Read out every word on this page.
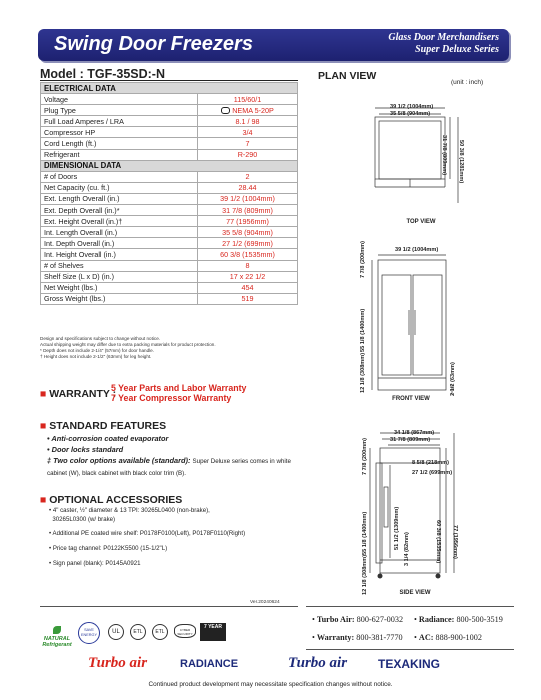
Swing Door Freezers	Glass Door Merchandisers
Super Deluxe Series
Model : TGF-35SD:-N
ELECTRICAL DATA	
Voltage	115/60/1
Plug Type	NEMA 5-20P
Full Load Amperes / LRA	8.1 / 98
Compressor HP	3/4
Cord Length (ft.)	7
Refrigerant	R-290
DIMENSIONAL DATA	
# of Doors	2
Net Capacity (cu. ft.)	28.44
Ext. Length Overall (in.)	39 1/2 (1004mm)
Ext. Depth Overall (in.)*	31 7/8 (809mm)
Ext. Height Overall (in.)†	77 (1956mm)
Int. Length Overall (in.)	35 5/8 (904mm)
Int. Depth Overall (in.)	27 1/2 (699mm)
Int. Height Overall (in.)	60 3/8 (1535mm)
# of Shelves	8
Shelf Size (L x D) (in.)	17 x 22 1/2
Net Weight (lbs.)	454
Gross Weight (lbs.)	519
Design and specifications subject to change without notice.
Actual shipping weight may differ due to extra packing materials for product protection.
* Depth does not include 2-1/4" (57mm) for door handle.
† Height does not include 2-1/2" (63mm) for leg height.
■ WARRANTY :
5 Year Parts and Labor Warranty
7 Year Compressor Warranty
■ STANDARD FEATURES
• Anti-corrosion coated evaporator
• Door locks standard
‡ Two color options available (standard): Super Deluxe series comes in white cabinet (W), black cabinet with black color trim (B).
■ OPTIONAL ACCESSORIES
• 4" caster, ½" diameter & 13 TPI: 30265L0400 (non-brake),
30265L0300 (w/ brake)
• Additional PE coated wire shelf: P0178F0100(Left), P0178F0110(Right)
• Price tag channel: P0122K5500 (15-1/2"L)
• Sign panel (blank): P0145A0921
Ver.20240624

NATURAL Refrigerant
SAVE ENERGY	UL	ETL	ETL	CYBER SECURITY
7 YEAR
• Turbo Air: 800-627-0032 • Radiance: 800-500-3519
• Warranty: 800-381-7770 • AC: 888-900-1002
Turbo air	RADIANCE	Turbo air	TEXAKING
Continued product development may necessitate specification changes without notice.
PLAN VIEW
(unit : inch)
39 1/2 (1004mm)
35 5/8 (904mm)
31 7/8 (809mm) 50 3/8 (1281mm)
TOP VIEW
39 1/2 (1004mm)
7 7/8 (200mm)
55 1/8 (1400mm)
12 1/8 (308mm)	2 1/2 (63mm)
FRONT VIEW
34 1/8 (867mm)
31 7/8 (809mm)
8 5/8 (218mm)
27 1/2 (699mm)
7 7/8 (200mm)
55 1/8 (1400mm)	51 1/2 (1309mm) 3 1/4 (82mm)
12 1/8 (308mm)
60 3/8 (1535mm) 77 (1956mm)
SIDE VIEW
